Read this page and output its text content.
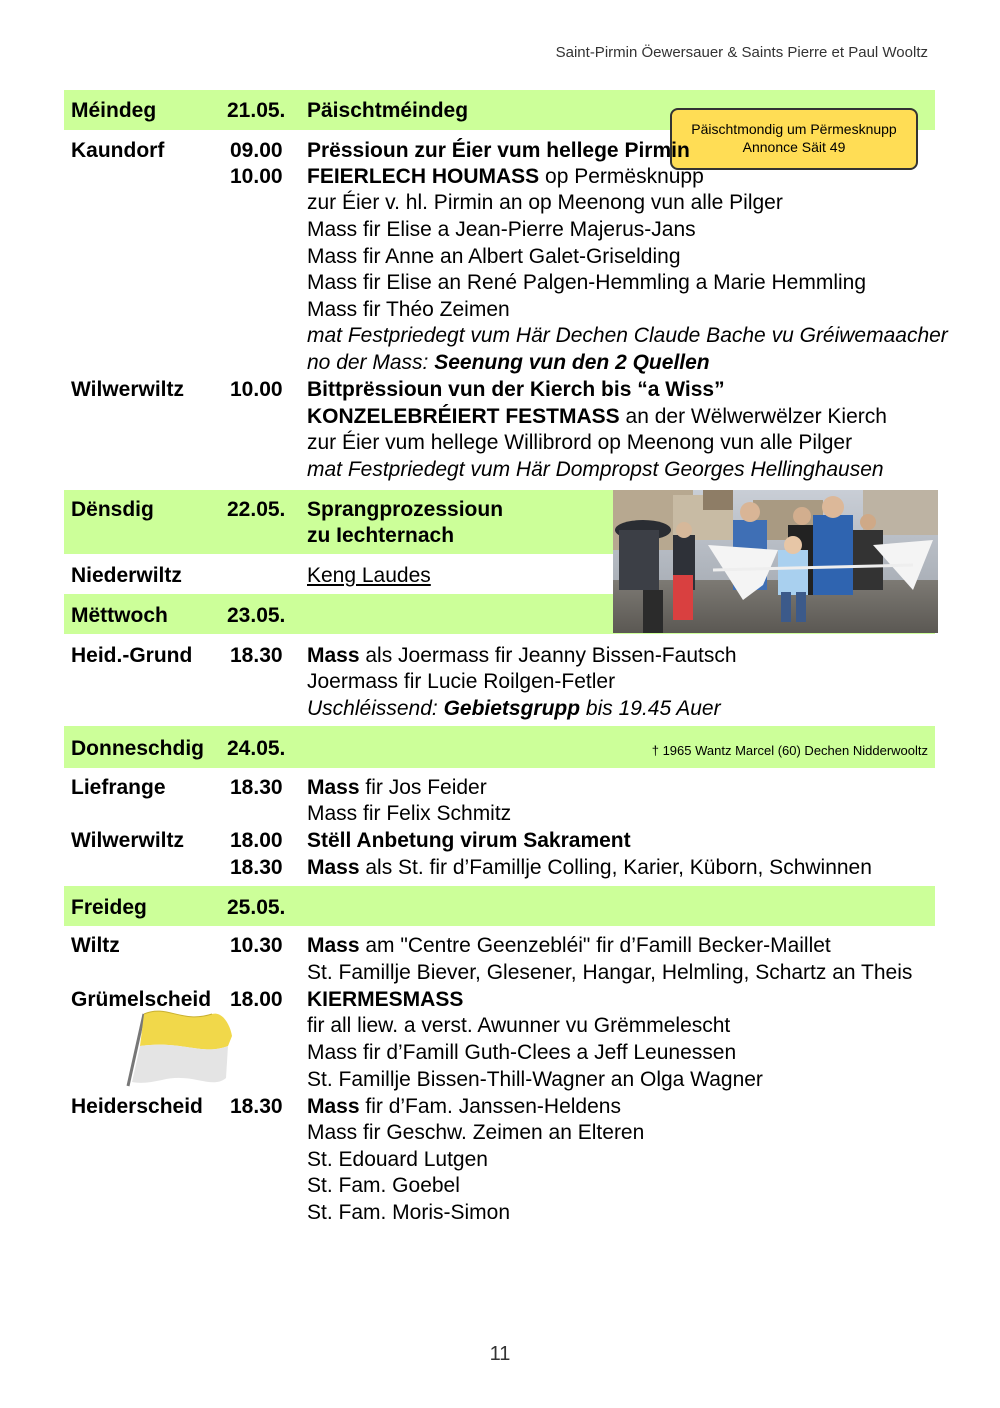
Saint-Pirmin Öewersauer & Saints Pierre et Paul Wooltz
Méindeg	21.05. Päischtméindeg
Päischtmondig um Përmesknupp
Annonce Säit 49
Kaundorf	09.00 Prëssioun zur Éier vum hellege Pirmin
10.00 FEIERLECH HOUMASS op Permësknupp
zur Éier v. hl. Pirmin an op Meenong vun alle Pilger
Mass fir Elise a Jean-Pierre Majerus-Jans
Mass fir Anne an Albert Galet-Griselding
Mass fir Elise an René Palgen-Hemmling a Marie Hemmling
Mass fir Théo Zeimen
mat Festpriedegt vum Här Dechen Claude Bache vu Gréiwemaacher
no der Mass: Seenung vun den 2 Quellen
Wilwerwiltz 10.00 Bittprëssioun vun der Kierch bis “a Wiss”
KONZELEBRÉIERT FESTMASS an der Wëlwerwëlzer Kierch
zur Éier vum hellege Willibrord op Meenong vun alle Pilger
mat Festpriedegt vum Här Dompropst Georges Hellinghausen
Dënsdig	22.05. Sprangprozessioun
zu Iechternach
Niederwiltz	Keng Laudes
Mëttwoch	23.05.
Heid.-Grund 18.30 Mass als Joermass fir Jeanny Bissen-Fautsch
Joermass fir Lucie Roilgen-Fetler
Uschléissend: Gebietsgrupp bis 19.45 Auer
Donneschdig 24.05.	† 1965 Wantz Marcel (60) Dechen Nidderwooltz
Liefrange	18.30 Mass fir Jos Feider
Mass fir Felix Schmitz
Wilwerwiltz 18.00 Stëll Anbetung virum Sakrament
18.30 Mass als St. fir d’Famillje Colling, Karier, Küborn, Schwinnen
Freideg	25.05.
Wiltz	10.30 Mass am "Centre Geenzebléi" fir d’Famill Becker-Maillet
St. Famillje Biever, Glesener, Hangar, Helmling, Schartz an Theis
Grümelscheid 18.00 KIERMESMASS
fir all liew. a verst. Awunner vu Grëmmelescht
Mass fir d’Famill Guth-Clees a Jeff Leunessen
St. Famillje Bissen-Thill-Wagner an Olga Wagner
Heiderscheid 18.30 Mass fir d’Fam. Janssen-Heldens
Mass fir Geschw. Zeimen an Elteren
St. Edouard Lutgen
St. Fam. Goebel
St. Fam. Moris-Simon
11
